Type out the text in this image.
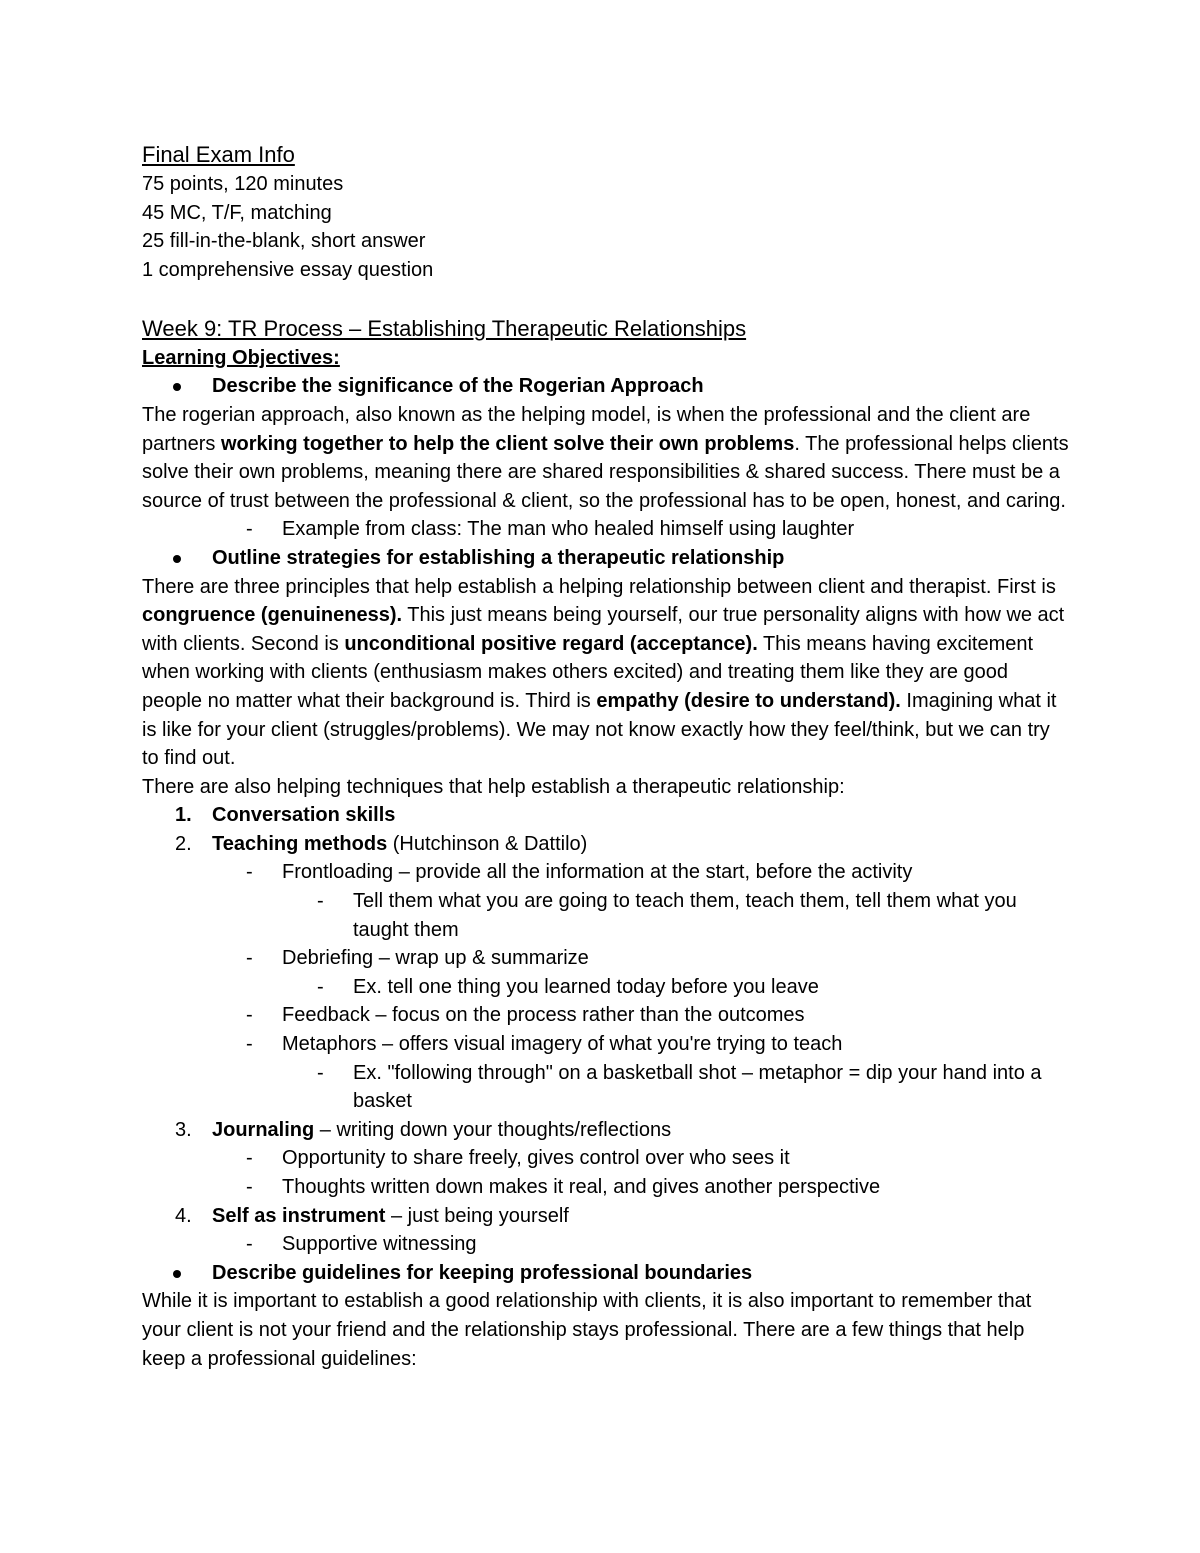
Final Exam Info
75 points, 120 minutes
45 MC, T/F, matching
25 fill-in-the-blank, short answer
1 comprehensive essay question
Week 9: TR Process – Establishing Therapeutic Relationships
Learning Objectives:
Describe the significance of the Rogerian Approach
The rogerian approach, also known as the helping model, is when the professional and the client are partners working together to help the client solve their own problems. The professional helps clients solve their own problems, meaning there are shared responsibilities & shared success. There must be a source of trust between the professional & client, so the professional has to be open, honest, and caring.
- Example from class: The man who healed himself using laughter
Outline strategies for establishing a therapeutic relationship
There are three principles that help establish a helping relationship between client and therapist. First is congruence (genuineness). This just means being yourself, our true personality aligns with how we act with clients. Second is unconditional positive regard (acceptance). This means having excitement when working with clients (enthusiasm makes others excited) and treating them like they are good people no matter what their background is. Third is empathy (desire to understand). Imagining what it is like for your client (struggles/problems). We may not know exactly how they feel/think, but we can try to find out.
There are also helping techniques that help establish a therapeutic relationship:
1. Conversation skills
2. Teaching methods (Hutchinson & Dattilo)
- Frontloading – provide all the information at the start, before the activity
- Tell them what you are going to teach them, teach them, tell them what you taught them
- Debriefing – wrap up & summarize
- Ex. tell one thing you learned today before you leave
- Feedback – focus on the process rather than the outcomes
- Metaphors – offers visual imagery of what you're trying to teach
- Ex. "following through" on a basketball shot – metaphor = dip your hand into a basket
3. Journaling – writing down your thoughts/reflections
- Opportunity to share freely, gives control over who sees it
- Thoughts written down makes it real, and gives another perspective
4. Self as instrument – just being yourself
- Supportive witnessing
Describe guidelines for keeping professional boundaries
While it is important to establish a good relationship with clients, it is also important to remember that your client is not your friend and the relationship stays professional. There are a few things that help keep a professional guidelines:
